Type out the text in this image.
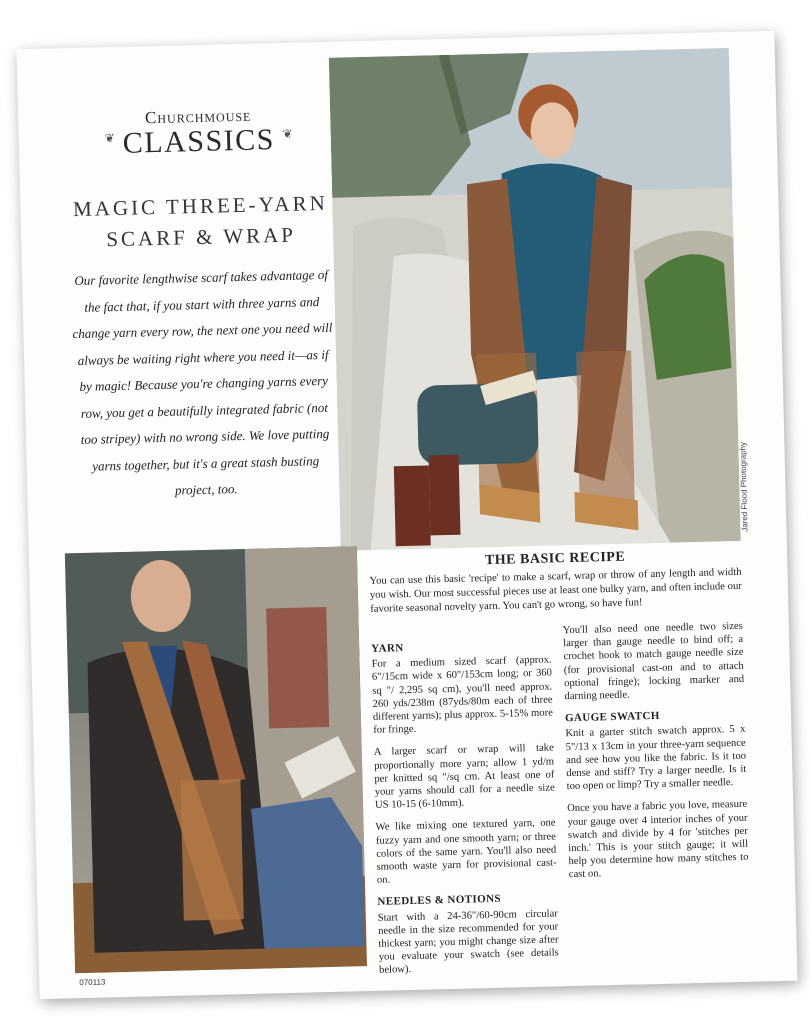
❦
Churchmouse
CLASSICS ❦
MAGIC THREE-YARN
SCARF & WRAP
Our favorite lengthwise scarf takes advantage of the fact that, if you start with three yarns and change yarn every row, the next one you need will always be waiting right where you need it—as if by magic! Because you're changing yarns every row, you get a beautifully integrated fabric (not too stripey) with no wrong side. We love putting yarns together, but it's a great stash busting project, too.	Jared Flood Photography
070113
THE BASIC RECIPE
You can use this basic 'recipe' to make a scarf, wrap or throw of any length and width you wish. Our most successful pieces use at least one bulky yarn, and often include our favorite seasonal novelty yarn. You can't go wrong, so have fun!
YARN

For a medium sized scarf (approx. 6"/15cm wide x 60"/153cm long; or 360 sq "/ 2,295 sq cm), you'll need approx. 260 yds/238m (87yds/80m each of three different yarns); plus approx. 5-15% more for fringe.

A larger scarf or wrap will take proportionally more yarn; allow 1 yd/m per knitted sq "/sq cm. At least one of your yarns should call for a needle size US 10-15 (6-10mm).

We like mixing one textured yarn, one fuzzy yarn and one smooth yarn; or three colors of the same yarn. You'll also need smooth waste yarn for provisional cast-on.

NEEDLES & NOTIONS

Start with a 24-36"/60-90cm circular needle in the size recommended for your thickest yarn; you might change size after you evaluate your swatch (see details below).

You'll also need one needle two sizes larger than gauge needle to bind off; a crochet hook to match gauge needle size (for provisional cast-on and to attach optional fringe); locking marker and darning needle.

GAUGE SWATCH

Knit a garter stitch swatch approx. 5 x 5"/13 x 13cm in your three-yarn sequence and see how you like the fabric. Is it too dense and stiff? Try a larger needle. Is it too open or limp? Try a smaller needle.

Once you have a fabric you love, measure your gauge over 4 interior inches of your swatch and divide by 4 for 'stitches per inch.' This is your stitch gauge; it will help you determine how many stitches to cast on.
